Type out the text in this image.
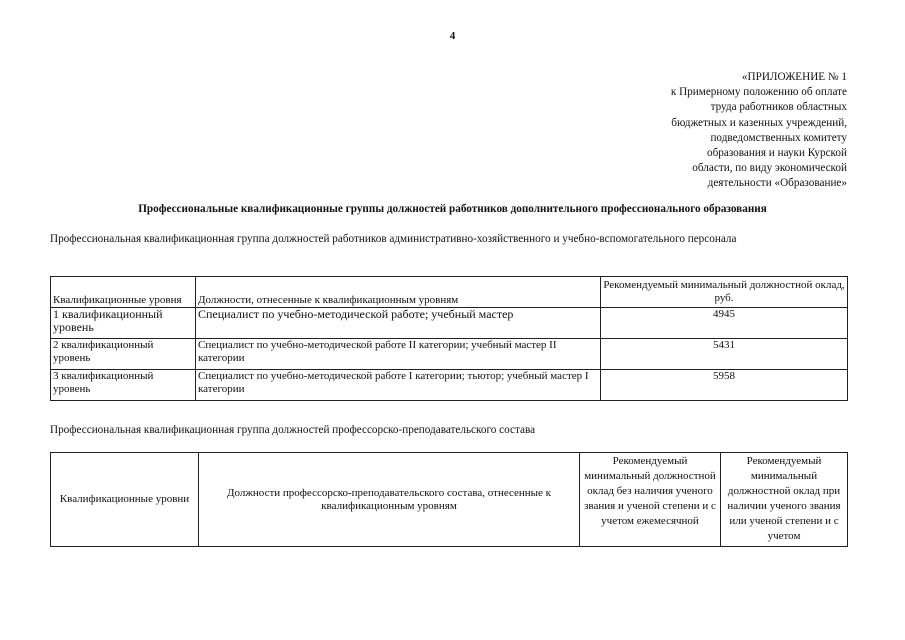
4
«ПРИЛОЖЕНИЕ № 1
к Примерному положению об оплате
труда работников областных
бюджетных и казенных учреждений,
подведомственных комитету
образования и науки Курской
области, по виду экономической
деятельности «Образование»
Профессиональные квалификационные группы должностей работников дополнительного профессионального образования
Профессиональная квалификационная группа должностей работников административно-хозяйственного и учебно-вспомогательного персонала
Квалификационные уровня	Должности, отнесенные к квалификационным уровням	Рекомендуемый минимальный должностной оклад, руб.
1 квалификационный уровень	Специалист по учебно-методической работе; учебный мастер	4945
2 квалификационный уровень	Специалист по учебно-методической работе II категории; учебный мастер II категории	5431
3 квалификационный уровень	Специалист по учебно-методической работе I категории; тьютор; учебный мастер I категории	5958
Профессиональная квалификационная группа должностей профессорско-преподавательского состава
Квалификационные уровни	Должности профессорско-преподавательского состава, отнесенные к квалификационным уровням	Рекомендуемый минимальный должностной оклад без наличия ученого звания и ученой степени и с учетом ежемесячной	Рекомендуемый минимальный должностной оклад при наличии ученого звания или ученой степени и с учетом
